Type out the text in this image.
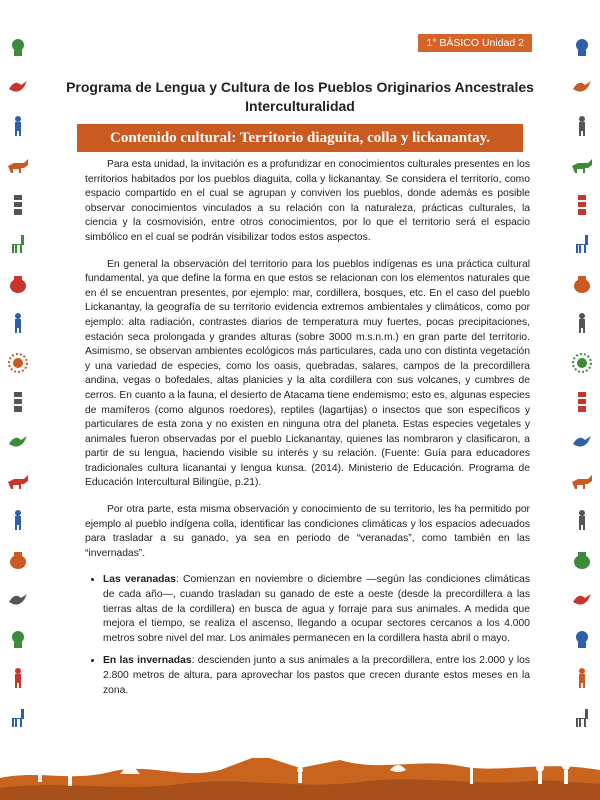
1° BÁSICO Unidad 2
Programa de Lengua y Cultura de los Pueblos Originarios Ancestrales
Interculturalidad
Contenido cultural: Territorio diaguita, colla y lickanantay.

Para esta unidad, la invitación es a profundizar en conocimientos culturales presentes en los territorios habitados por los pueblos diaguita, colla y lickanantay. Se considera el territorio, como espacio compartido en el cual se agrupan y conviven los pueblos, donde además es posible observar conocimientos vinculados a su relación con la naturaleza, prácticas culturales, la ciencia y la cosmovisión, entre otros conocimientos, por lo que el territorio será el espacio simbólico en el cual se podrán visibilizar todos estos aspectos.

En general la observación del territorio para los pueblos indígenas es una práctica cultural fundamental, ya que define la forma en que estos se relacionan con los elementos naturales que en él se encuentran presentes, por ejemplo: mar, cordillera, bosques, etc. En el caso del pueblo Lickanantay, la geografía de su territorio evidencia extremos ambientales y climáticos, como por ejemplo: alta radiación, contrastes diarios de temperatura muy fuertes, pocas precipitaciones, estación seca prolongada y grandes alturas (sobre 3000 m.s.n.m.) en gran parte del territorio. Asimismo, se observan ambientes ecológicos más particulares, cada uno con distinta vegetación y una variedad de especies, como los oasis, quebradas, salares, campos de la precordillera andina, vegas o bofedales, altas planicies y la alta cordillera con sus volcanes, y cumbres de cerros. En cuanto a la fauna, el desierto de Atacama tiene endemismo; esto es, algunas especies de mamíferos (como algunos roedores), reptiles (lagartijas) o insectos que son específicos y particulares de esta zona y no existen en ninguna otra del planeta. Estas especies vegetales y animales fueron observadas por el pueblo Lickanantay, quienes las nombraron y clasificaron, a partir de su lengua, haciendo visible su interés y su relación. (Fuente: Guía para educadores tradicionales cultura licanantai y lengua kunsa. (2014). Ministerio de Educación. Programa de Educación Intercultural Bilingüe, p.21).

Por otra parte, esta misma observación y conocimiento de su territorio, les ha permitido por ejemplo al pueblo indígena colla, identificar las condiciones climáticas y los espacios adecuados para trasladar a su ganado, ya sea en periodo de “veranadas”, como también en las “invernadas”.

• Las veranadas: Comienzan en noviembre o diciembre —según las condiciones climáticas de cada año—, cuando trasladan su ganado de este a oeste (desde la precordillera a las tierras altas de la cordillera) en busca de agua y forraje para sus animales. A medida que mejora el tiempo, se realiza el ascenso, llegando a ocupar sectores cercanos a los 4.000 metros sobre nivel del mar. Los animales permanecen en la cordillera hasta abril o mayo.
• En las invernadas: descienden junto a sus animales a la precordillera, entre los 2.000 y los 2.800 metros de altura, para aprovechar los pastos que crecen durante estos meses en la zona.
